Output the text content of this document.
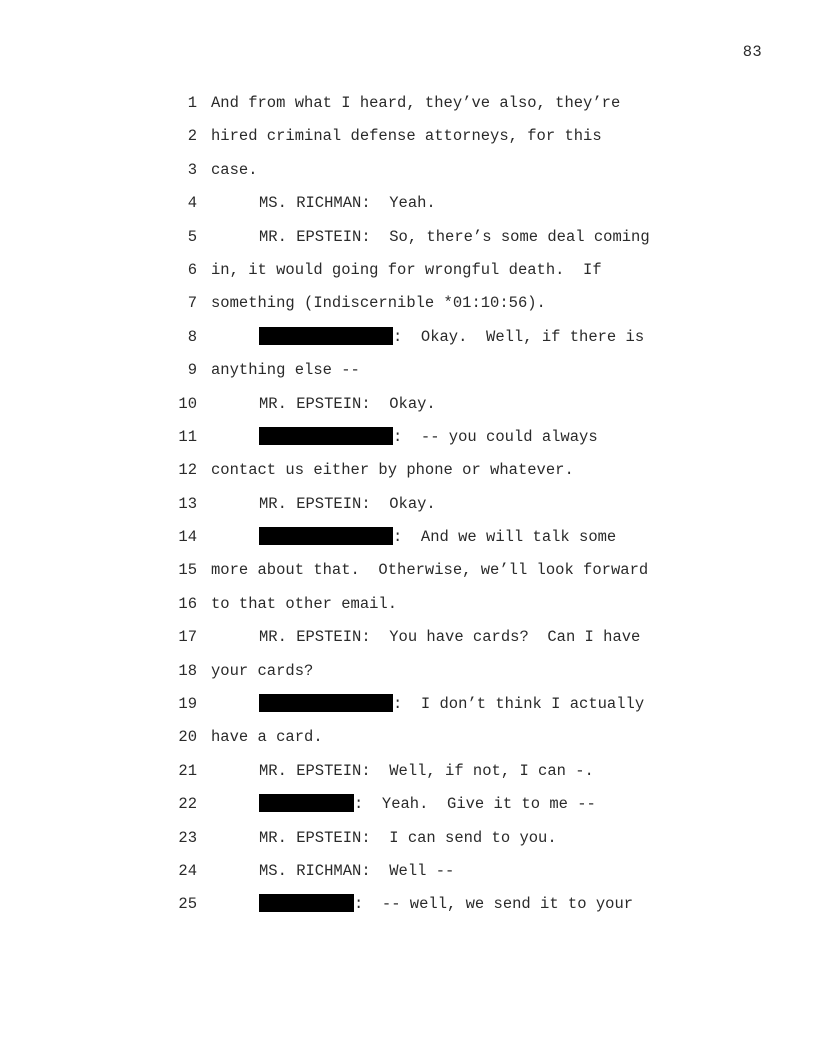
83

1

And from what I heard, they’ve also, they’re

2

hired criminal defense attorneys, for this

3

case.

4

	MS. RICHMAN:  Yeah.

5

	MR. EPSTEIN:  So, there’s some deal coming

6

in, it would going for wrongful death.  If

7

something (Indiscernible *01:10:56).

8

	:  Okay.  Well, if there is

9

anything else --

10

	MR. EPSTEIN:  Okay.

11

	:  -- you could always

12

contact us either by phone or whatever.

13

	MR. EPSTEIN:  Okay.

14

	:  And we will talk some

15

more about that.  Otherwise, we’ll look forward

16

to that other email.

17

	MR. EPSTEIN:  You have cards?  Can I have

18

your cards?

19

	:  I don’t think I actually

20

have a card.

21

	MR. EPSTEIN:  Well, if not, I can -.

22

	:  Yeah.  Give it to me --

23

	MR. EPSTEIN:  I can send to you.

24

	MS. RICHMAN:  Well --

25

	:  -- well, we send it to your
